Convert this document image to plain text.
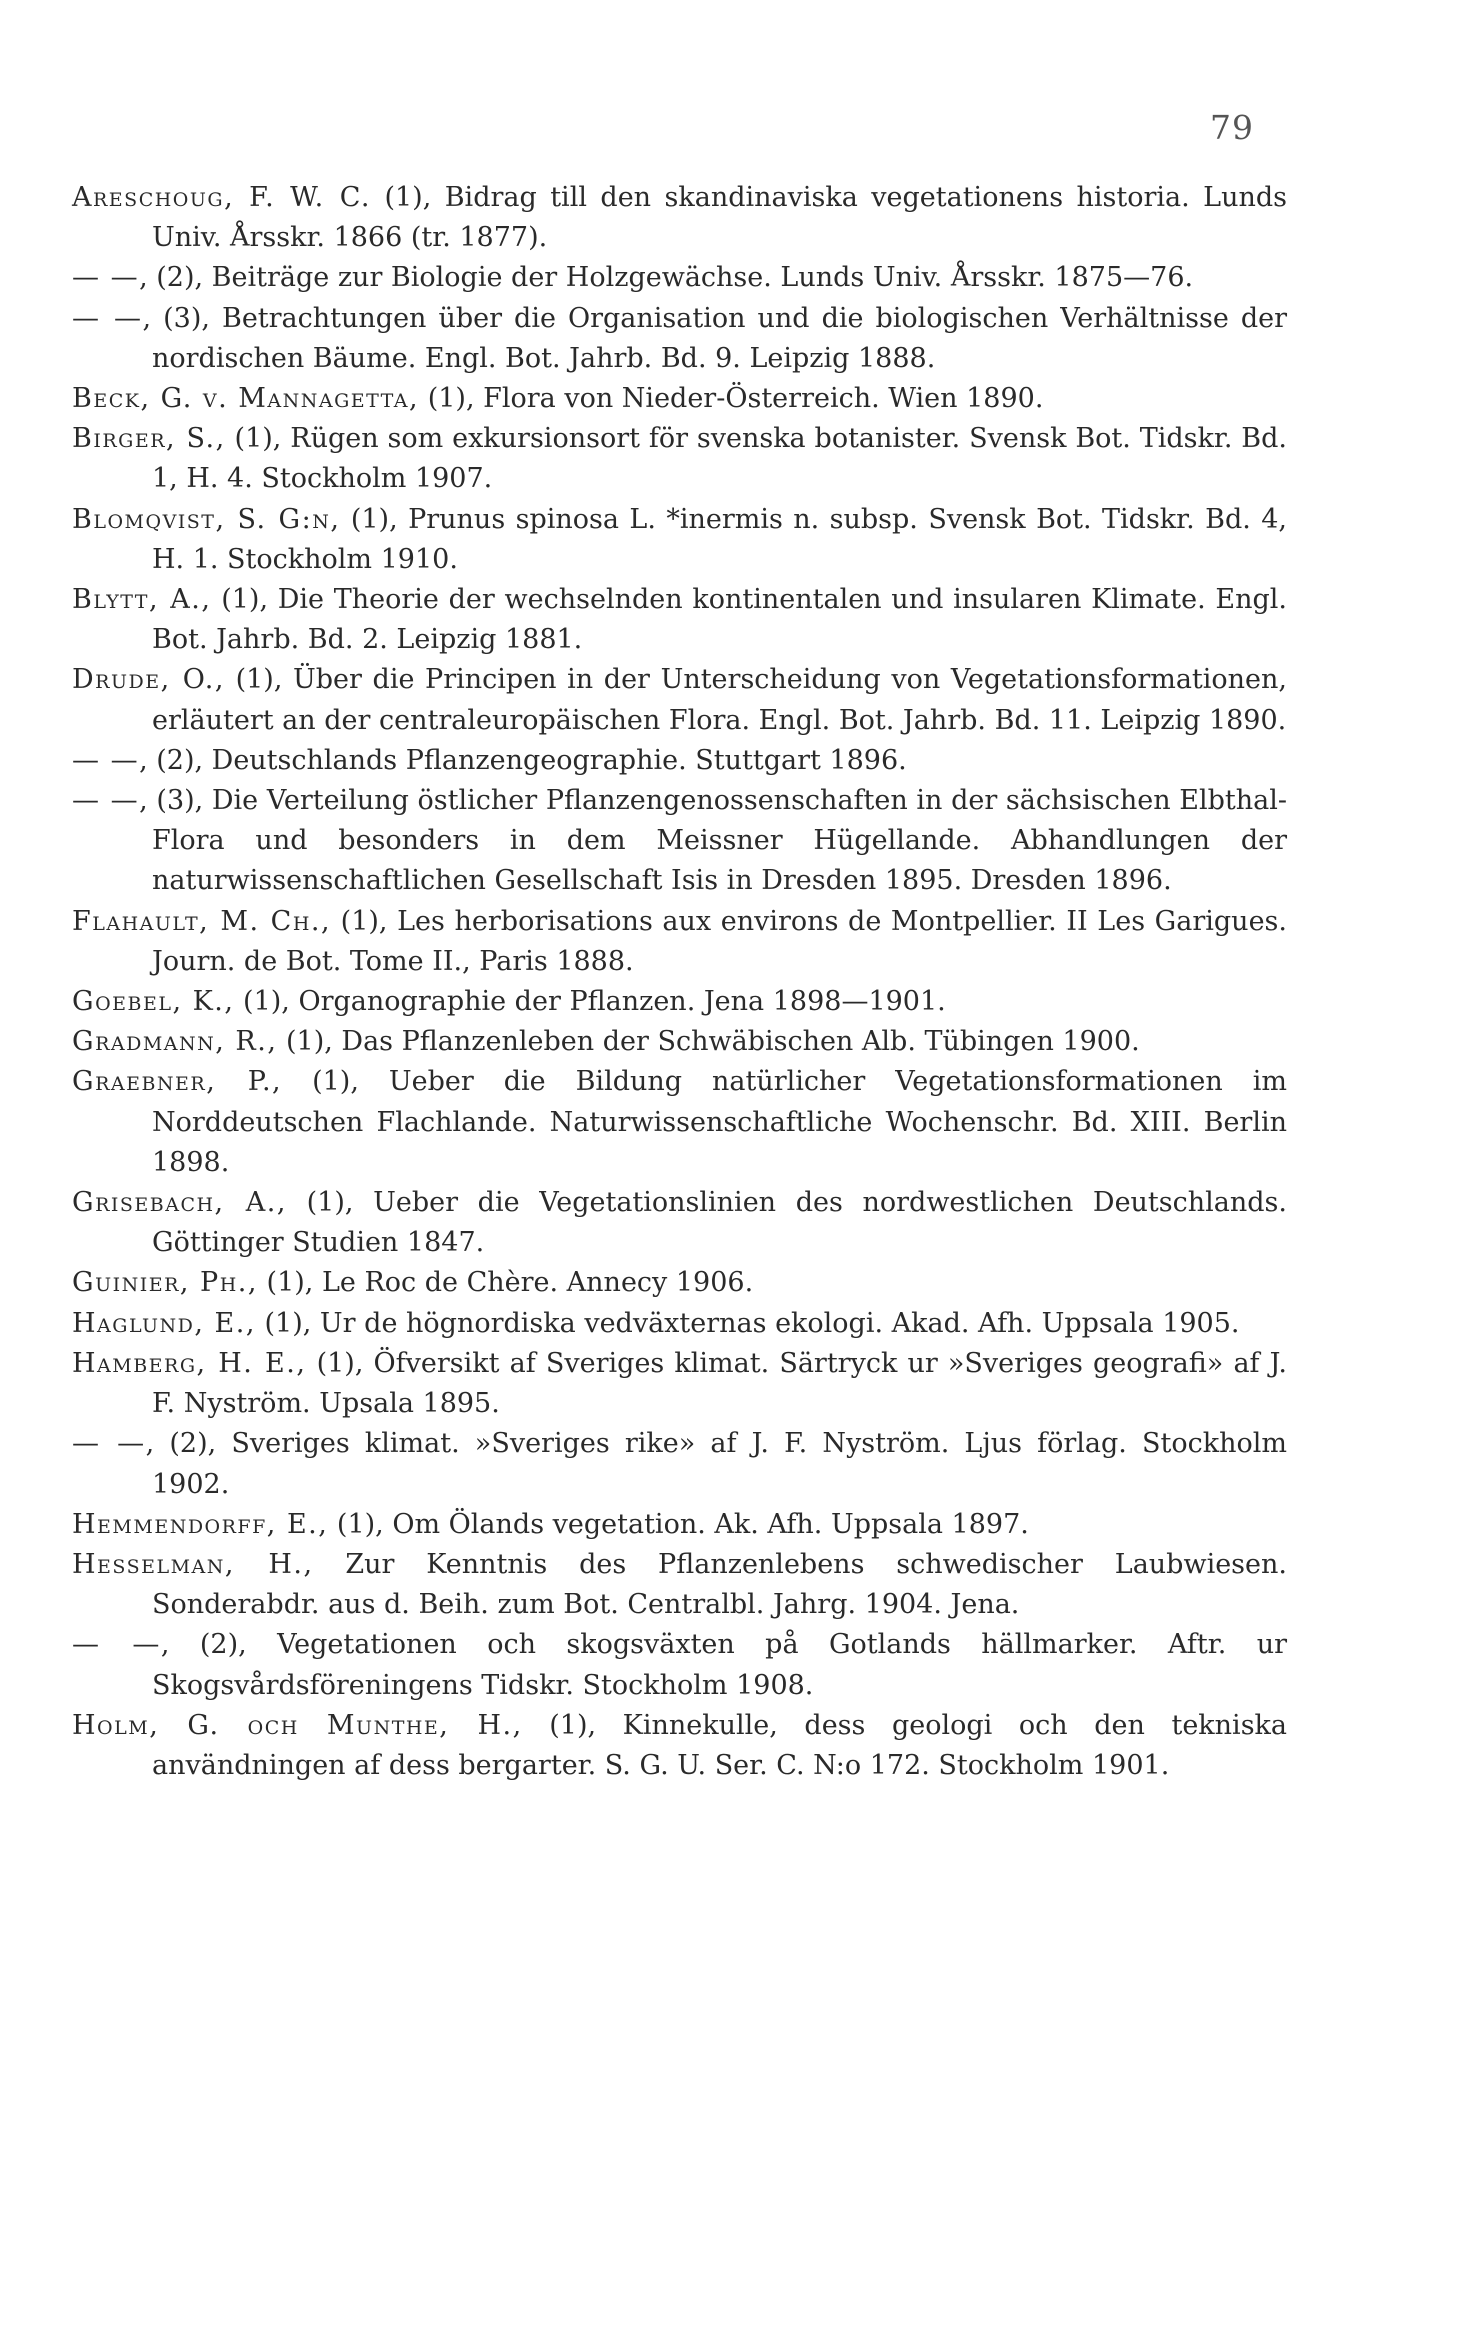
79

Areschoug, F. W. C. (1), Bidrag till den skandinaviska vegetationens historia. Lunds Univ. Årsskr. 1866 (tr. 1877).

— —, (2), Beiträge zur Biologie der Holzgewächse. Lunds Univ. Årsskr. 1875—76.

— —, (3), Betrachtungen über die Organisation und die biologischen Verhältnisse der nordischen Bäume. Engl. Bot. Jahrb. Bd. 9. Leipzig 1888.

Beck, G. v. Mannagetta, (1), Flora von Nieder-Österreich. Wien 1890.

Birger, S., (1), Rügen som exkursionsort för svenska botanister. Svensk Bot. Tidskr. Bd. 1, H. 4. Stockholm 1907.

Blomqvist, S. G:n, (1), Prunus spinosa L. *inermis n. subsp. Svensk Bot. Tidskr. Bd. 4, H. 1. Stockholm 1910.

Blytt, A., (1), Die Theorie der wechselnden kontinentalen und insularen Klimate. Engl. Bot. Jahrb. Bd. 2. Leipzig 1881.

Drude, O., (1), Über die Principen in der Unterscheidung von Vegetationsformationen, erläutert an der centraleuropäischen Flora. Engl. Bot. Jahrb. Bd. 11. Leipzig 1890.

— —, (2), Deutschlands Pflanzengeographie. Stuttgart 1896.

— —, (3), Die Verteilung östlicher Pflanzengenossenschaften in der sächsischen Elbthal-Flora und besonders in dem Meissner Hügellande. Abhandlungen der naturwissenschaftlichen Gesellschaft Isis in Dresden 1895. Dresden 1896.

Flahault, M. Ch., (1), Les herborisations aux environs de Montpellier. II Les Garigues. Journ. de Bot. Tome II., Paris 1888.

Goebel, K., (1), Organographie der Pflanzen. Jena 1898—1901.

Gradmann, R., (1), Das Pflanzenleben der Schwäbischen Alb. Tübingen 1900.

Graebner, P., (1), Ueber die Bildung natürlicher Vegetationsformationen im Norddeutschen Flachlande. Naturwissenschaftliche Wochenschr. Bd. XIII. Berlin 1898.

Grisebach, A., (1), Ueber die Vegetationslinien des nordwestlichen Deutschlands. Göttinger Studien 1847.

Guinier, Ph., (1), Le Roc de Chère. Annecy 1906.

Haglund, E., (1), Ur de högnordiska vedväxternas ekologi. Akad. Afh. Uppsala 1905.

Hamberg, H. E., (1), Öfversikt af Sveriges klimat. Särtryck ur »Sveriges geografi» af J. F. Nyström. Upsala 1895.

— —, (2), Sveriges klimat. »Sveriges rike» af J. F. Nyström. Ljus förlag. Stockholm 1902.

Hemmendorff, E., (1), Om Ölands vegetation. Ak. Afh. Uppsala 1897.

Hesselman, H., Zur Kenntnis des Pflanzenlebens schwedischer Laubwiesen. Sonderabdr. aus d. Beih. zum Bot. Centralbl. Jahrg. 1904. Jena.

— —, (2), Vegetationen och skogsväxten på Gotlands hällmarker. Aftr. ur Skogsvårdsföreningens Tidskr. Stockholm 1908.

Holm, G. och Munthe, H., (1), Kinnekulle, dess geologi och den tekniska användningen af dess bergarter. S. G. U. Ser. C. N:o 172. Stockholm 1901.
